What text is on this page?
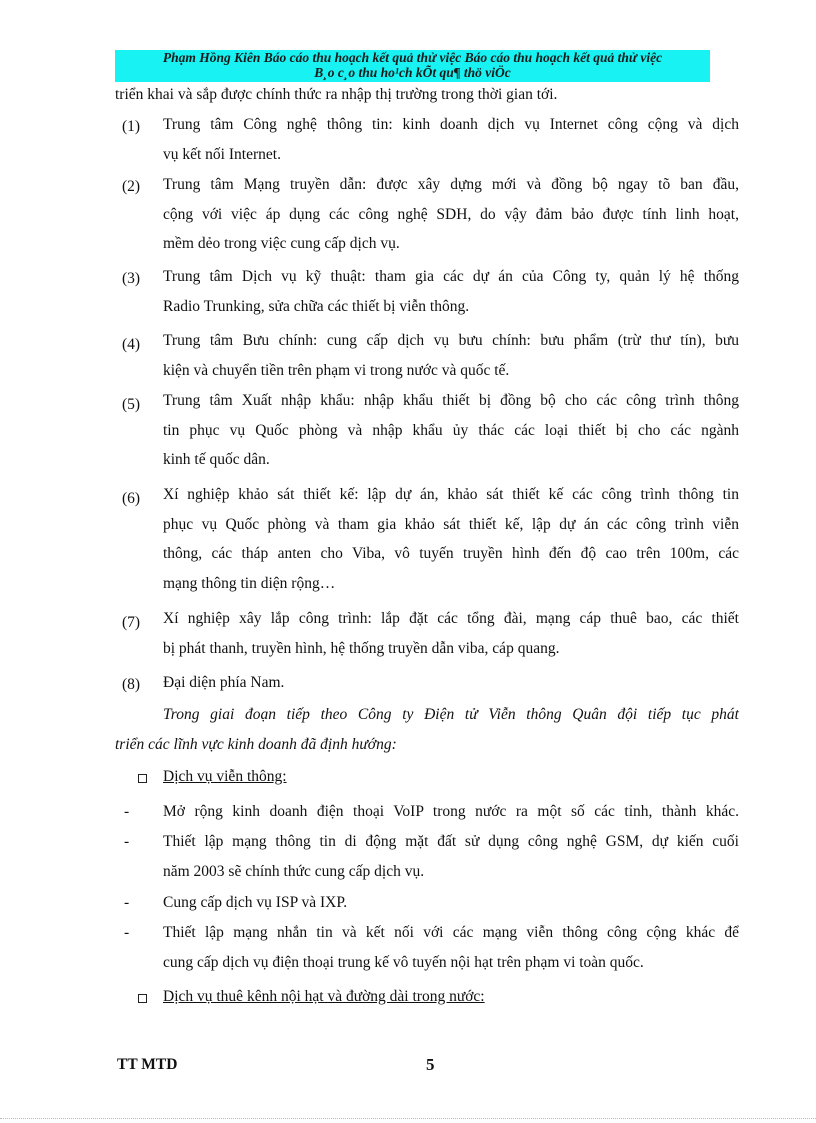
Phạm Hồng Kiên Báo cáo thu hoạch kết quả thử việc Báo cáo thu hoạch kết quả thử việc
B¸o c¸o thu ho¹ch kÕt qu¶ thö viÖc
triển khai và sắp được chính thức ra nhập thị trường trong thời gian tới.
(1) Trung tâm Công nghệ thông tin: kinh doanh dịch vụ Internet công cộng và dịch
vụ kết nối Internet.
(2) Trung tâm Mạng truyền dẫn: được xây dựng mới và đồng bộ ngay tõ ban đầu,
cộng với việc áp dụng các công nghệ SDH, do vậy đảm bảo được tính linh hoạt,
mềm dẻo trong việc cung cấp dịch vụ.
(3) Trung tâm Dịch vụ kỹ thuật: tham gia các dự án của Công ty, quản lý hệ thống
Radio Trunking, sửa chữa các thiết bị viễn thông.
(4) Trung tâm Bưu chính: cung cấp dịch vụ bưu chính: bưu phẩm (trừ thư tín), bưu
kiện và chuyển tiền trên phạm vi trong nước và quốc tế.
(5) Trung tâm Xuất nhập khẩu: nhập khẩu thiết bị đồng bộ cho các công trình thông
tin phục vụ Quốc phòng và nhập khẩu ủy thác các loại thiết bị cho các ngành
kinh tế quốc dân.
(6) Xí nghiệp khảo sát thiết kế: lập dự án, khảo sát thiết kế các công trình thông tin
phục vụ Quốc phòng và tham gia khảo sát thiết kế, lập dự án các công trình viễn
thông, các tháp anten cho Viba, vô tuyến truyền hình đến độ cao trên 100m, các
mạng thông tin diện rộng…
(7) Xí nghiệp xây lắp công trình: lắp đặt các tổng đài, mạng cáp thuê bao, các thiết
bị phát thanh, truyền hình, hệ thống truyền dẫn viba, cáp quang.
(8) Đại diện phía Nam.
Trong giai đoạn tiếp theo Công ty Điện tử Viễn thông Quân đội tiếp tục phát
triển các lĩnh vực kinh doanh đã định hướng:
Dịch vụ viễn thông:
- Mở rộng kinh doanh điện thoại VoIP trong nước ra một số các tỉnh, thành khác.
- Thiết lập mạng thông tin di động mặt đất sử dụng công nghệ GSM, dự kiến cuối
năm 2003 sẽ chính thức cung cấp dịch vụ.
- Cung cấp dịch vụ ISP và IXP.
- Thiết lập mạng nhắn tin và kết nối với các mạng viễn thông công cộng khác để
cung cấp dịch vụ điện thoại trung kế vô tuyến nội hạt trên phạm vi toàn quốc.
Dịch vụ thuê kênh nội hạt và đường dài trong nước:
TT MTD	5
